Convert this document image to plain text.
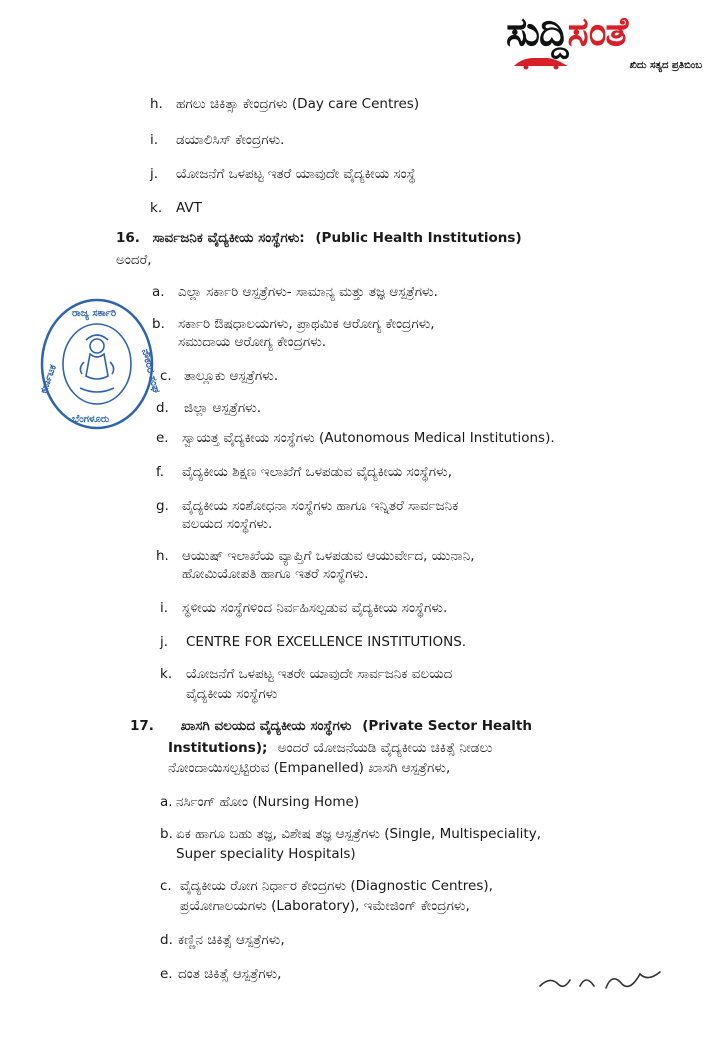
ಸುದ್ದಿಸಂತೆ
ಖಿದು ಸತ್ಯದ ಪ್ರತಿಬಿಂಬ
ರಾಜ್ಯ ಸರ್ಕಾರಿ
ಕರ್ನಾಟಕ	ನೌಕರರ ಸಂಘ
ಬೆಂಗಳೂರು
h. ಹಗಲು ಚಿಕಿತ್ಸಾ ಕೇಂದ್ರಗಳು (Day care Centres)
i. ಡಯಾಲಿಸಿಸ್ ಕೇಂದ್ರಗಳು.
j. ಯೋಜನೆಗೆ ಒಳಪಟ್ಟ ಇತರೆ ಯಾವುದೇ ವೈದ್ಯಕೀಯ ಸಂಸ್ಥೆ
k. AVT
16. ಸಾರ್ವಜನಿಕ ವೈದ್ಯಕೀಯ ಸಂಸ್ಥೆಗಳು: (Public Health Institutions)
ಅಂದರೆ,
a. ಎಲ್ಲಾ ಸರ್ಕಾರಿ ಆಸ್ಪತ್ರೆಗಳು- ಸಾಮಾನ್ಯ ಮತ್ತು ತಜ್ಞ ಆಸ್ಪತ್ರೆಗಳು.
b. ಸರ್ಕಾರಿ ಔಷಧಾಲಯಗಳು, ಪ್ರಾಥಮಿಕ ಆರೋಗ್ಯ ಕೇಂದ್ರಗಳು,
ಸಮುದಾಯ ಆರೋಗ್ಯ ಕೇಂದ್ರಗಳು.
c. ತಾಲ್ಲೂಕು ಆಸ್ಪತ್ರೆಗಳು.
d. ಜಿಲ್ಲಾ ಆಸ್ಪತ್ರೆಗಳು.
e. ಸ್ವಾಯತ್ತ ವೈದ್ಯಕೀಯ ಸಂಸ್ಥೆಗಳು (Autonomous Medical Institutions).
f. ವೈದ್ಯಕೀಯ ಶಿಕ್ಷಣ ಇಲಾಖೆಗೆ ಒಳಪಡುವ ವೈದ್ಯಕೀಯ ಸಂಸ್ಥೆಗಳು,
g. ವೈದ್ಯಕೀಯ ಸಂಶೋಧನಾ ಸಂಸ್ಥೆಗಳು ಹಾಗೂ ಇನ್ನಿತರೆ ಸಾರ್ವಜನಿಕ
ವಲಯದ ಸಂಸ್ಥೆಗಳು.
h. ಆಯುಷ್ ಇಲಾಖೆಯ ವ್ಯಾಪ್ತಿಗೆ ಒಳಪಡುವ ಆಯುರ್ವೇದ, ಯುನಾನಿ,
ಹೋಮಿಯೋಪತಿ ಹಾಗೂ ಇತರೆ ಸಂಸ್ಥೆಗಳು.
i. ಸ್ಥಳೀಯ ಸಂಸ್ಥೆಗಳಿಂದ ನಿರ್ವಹಿಸಲ್ಪಡುವ ವೈದ್ಯಕೀಯ ಸಂಸ್ಥೆಗಳು.
j. CENTRE FOR EXCELLENCE INSTITUTIONS.
k. ಯೋಜನೆಗೆ ಒಳಪಟ್ಟ ಇತರೇ ಯಾವುದೇ ಸಾರ್ವಜನಿಕ ವಲಯದ
ವೈದ್ಯಕೀಯ ಸಂಸ್ಥೆಗಳು
17. ಖಾಸಗಿ ವಲಯದ ವೈದ್ಯಕೀಯ ಸಂಸ್ಥೆಗಳು (Private Sector Health
Institutions); ಅಂದರೆ ಯೋಜನೆಯಡಿ ವೈದ್ಯಕೀಯ ಚಿಕಿತ್ಸೆ ನೀಡಲು
ನೋಂದಾಯಿಸಲ್ಪಟ್ಟಿರುವ (Empanelled) ಖಾಸಗಿ ಆಸ್ಪತ್ರೆಗಳು,
a. ನರ್ಸಿಂಗ್ ಹೋಂ (Nursing Home)
b. ಏಕ ಹಾಗೂ ಬಹು ತಜ್ಞ, ವಿಶೇಷ ತಜ್ಞ ಆಸ್ಪತ್ರೆಗಳು (Single, Multispeciality,
Super speciality Hospitals)
c. ವೈದ್ಯಕೀಯ ರೋಗ ನಿರ್ಧಾರ ಕೇಂದ್ರಗಳು (Diagnostic Centres),
ಪ್ರಯೋಗಾಲಯಗಳು (Laboratory), ಇಮೇಜಿಂಗ್ ಕೇಂದ್ರಗಳು,
d. ಕಣ್ಣಿನ ಚಿಕಿತ್ಸೆ ಆಸ್ಪತ್ರೆಗಳು,
e. ದಂತ ಚಿಕಿತ್ಸೆ ಆಸ್ಪತ್ರೆಗಳು,
